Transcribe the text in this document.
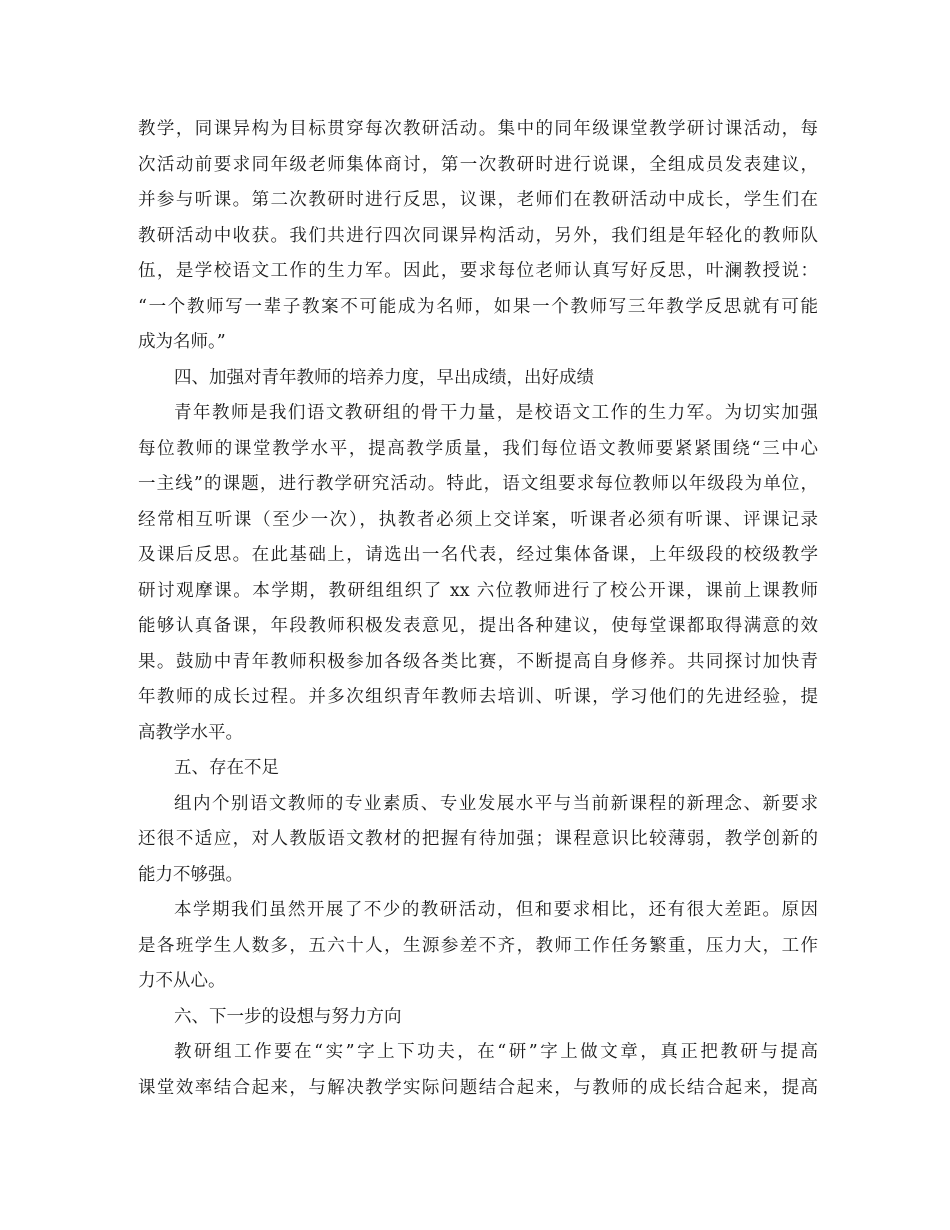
教学，同课异构为目标贯穿每次教研活动。集中的同年级课堂教学研讨课活动，每
次活动前要求同年级老师集体商讨，第一次教研时进行说课，全组成员发表建议，
并参与听课。第二次教研时进行反思，议课，老师们在教研活动中成长，学生们在
教研活动中收获。我们共进行四次同课异构活动，另外，我们组是年轻化的教师队
伍，是学校语文工作的生力军。因此，要求每位老师认真写好反思，叶澜教授说：
“一个教师写一辈子教案不可能成为名师，如果一个教师写三年教学反思就有可能
成为名师。”
四、加强对青年教师的培养力度，早出成绩，出好成绩
青年教师是我们语文教研组的骨干力量，是校语文工作的生力军。为切实加强
每位教师的课堂教学水平，提高教学质量，我们每位语文教师要紧紧围绕“三中心
一主线”的课题，进行教学研究活动。特此，语文组要求每位教师以年级段为单位，
经常相互听课（至少一次），执教者必须上交详案，听课者必须有听课、评课记录
及课后反思。在此基础上，请选出一名代表，经过集体备课，上年级段的校级教学
研讨观摩课。本学期，教研组组织了 xx 六位教师进行了校公开课，课前上课教师
能够认真备课，年段教师积极发表意见，提出各种建议，使每堂课都取得满意的效
果。鼓励中青年教师积极参加各级各类比赛，不断提高自身修养。共同探讨加快青
年教师的成长过程。并多次组织青年教师去培训、听课，学习他们的先进经验，提
高教学水平。
五、存在不足
组内个别语文教师的专业素质、专业发展水平与当前新课程的新理念、新要求
还很不适应，对人教版语文教材的把握有待加强；课程意识比较薄弱，教学创新的
能力不够强。
本学期我们虽然开展了不少的教研活动，但和要求相比，还有很大差距。原因
是各班学生人数多，五六十人，生源参差不齐，教师工作任务繁重，压力大，工作
力不从心。
六、下一步的设想与努力方向
教研组工作要在“实”字上下功夫，在“研”字上做文章，真正把教研与提高
课堂效率结合起来，与解决教学实际问题结合起来，与教师的成长结合起来，提高
